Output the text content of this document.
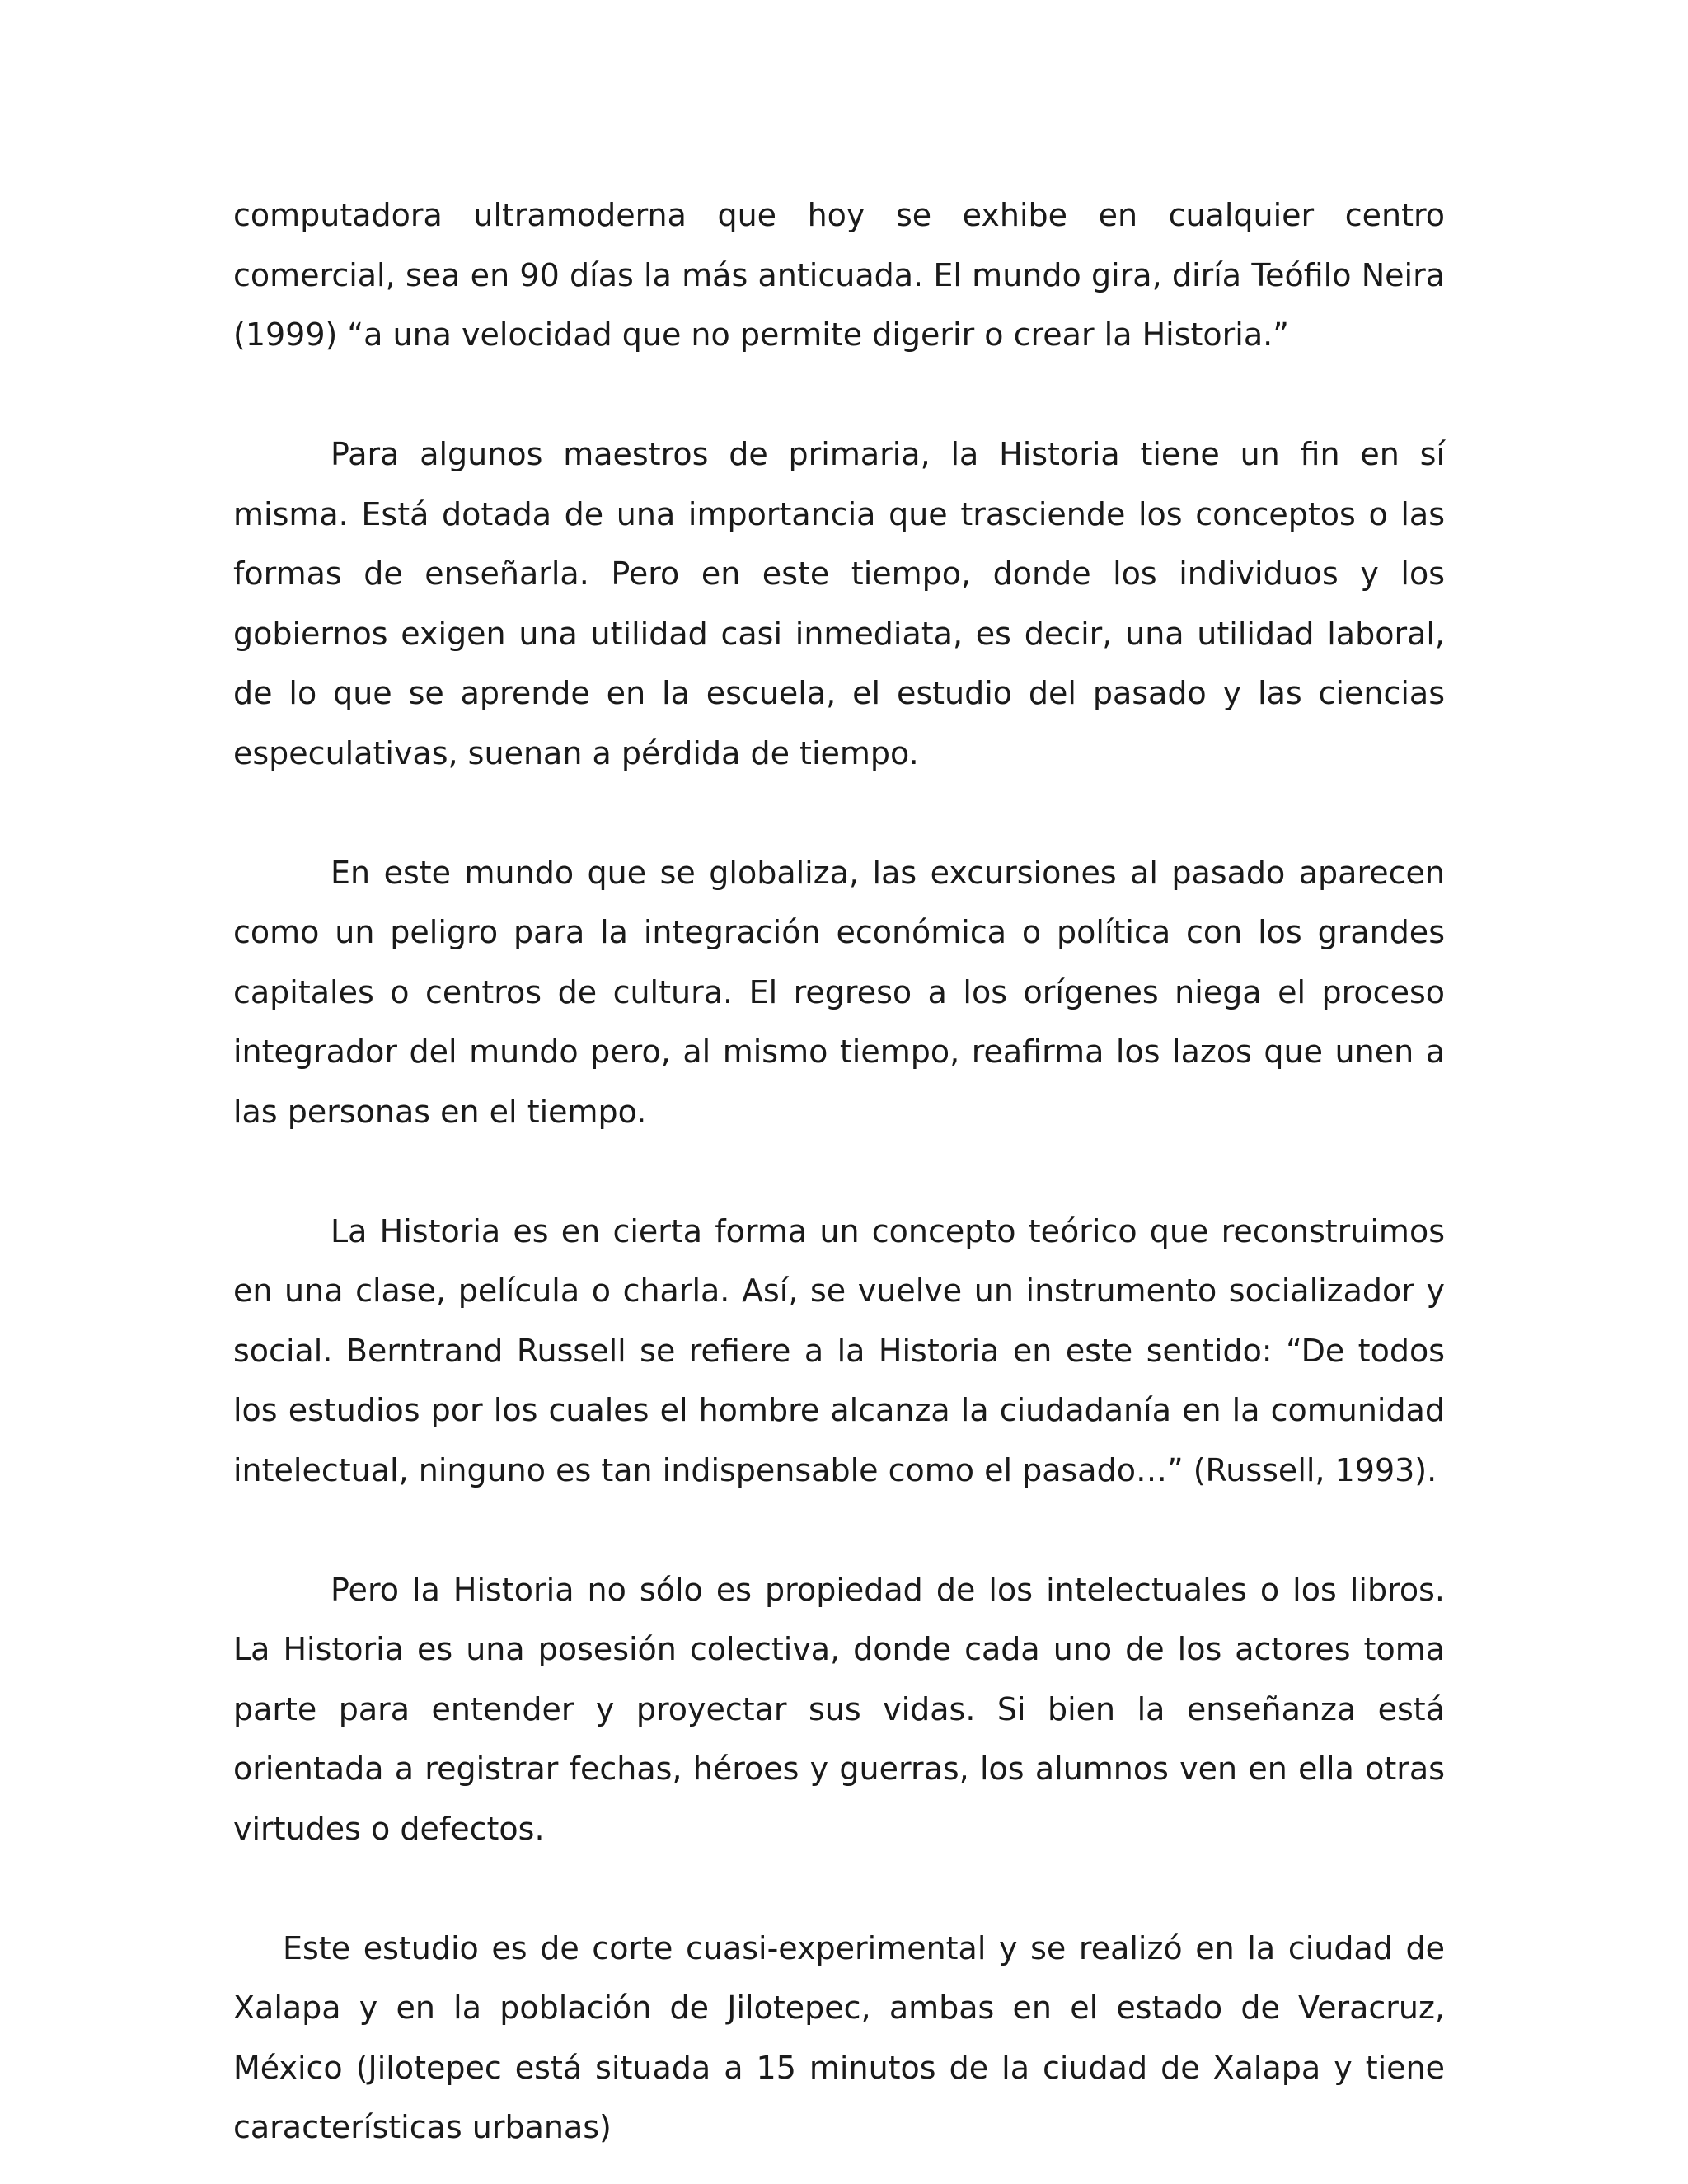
computadora ultramoderna que hoy se exhibe en cualquier centro comercial, sea en 90 días la más anticuada. El mundo gira, diría Teófilo Neira (1999) “a una velocidad que no permite digerir o crear la Historia.”

Para algunos maestros de primaria, la Historia tiene un fin en sí misma. Está dotada de una importancia que trasciende los conceptos o las formas de enseñarla. Pero en este tiempo, donde los individuos y los gobiernos exigen una utilidad casi inmediata, es decir, una utilidad laboral, de lo que se aprende en la escuela, el estudio del pasado y las ciencias especulativas, suenan a pérdida de tiempo.

En este mundo que se globaliza, las excursiones al pasado aparecen como un peligro para la integración económica o política con los grandes capitales o centros de cultura. El regreso a los orígenes niega el proceso integrador del mundo pero, al mismo tiempo, reafirma los lazos que unen a las personas en el tiempo.

La Historia es en cierta forma un concepto teórico que reconstruimos en una clase, película o charla. Así, se vuelve un instrumento socializador y social. Berntrand Russell se refiere a la Historia en este sentido: “De todos los estudios por los cuales el hombre alcanza la ciudadanía en la comunidad intelectual, ninguno es tan indispensable como el pasado…” (Russell, 1993).

Pero la Historia no sólo es propiedad de los intelectuales o los libros. La Historia es una posesión colectiva, donde cada uno de los actores toma parte para entender y proyectar sus vidas. Si bien la enseñanza está orientada a registrar fechas, héroes y guerras, los alumnos ven en ella otras virtudes o defectos.

Este estudio es de corte cuasi-experimental y se realizó en la ciudad de Xalapa y en la población de Jilotepec, ambas en el estado de Veracruz, México (Jilotepec está situada a 15 minutos de la ciudad de Xalapa y tiene características urbanas)
